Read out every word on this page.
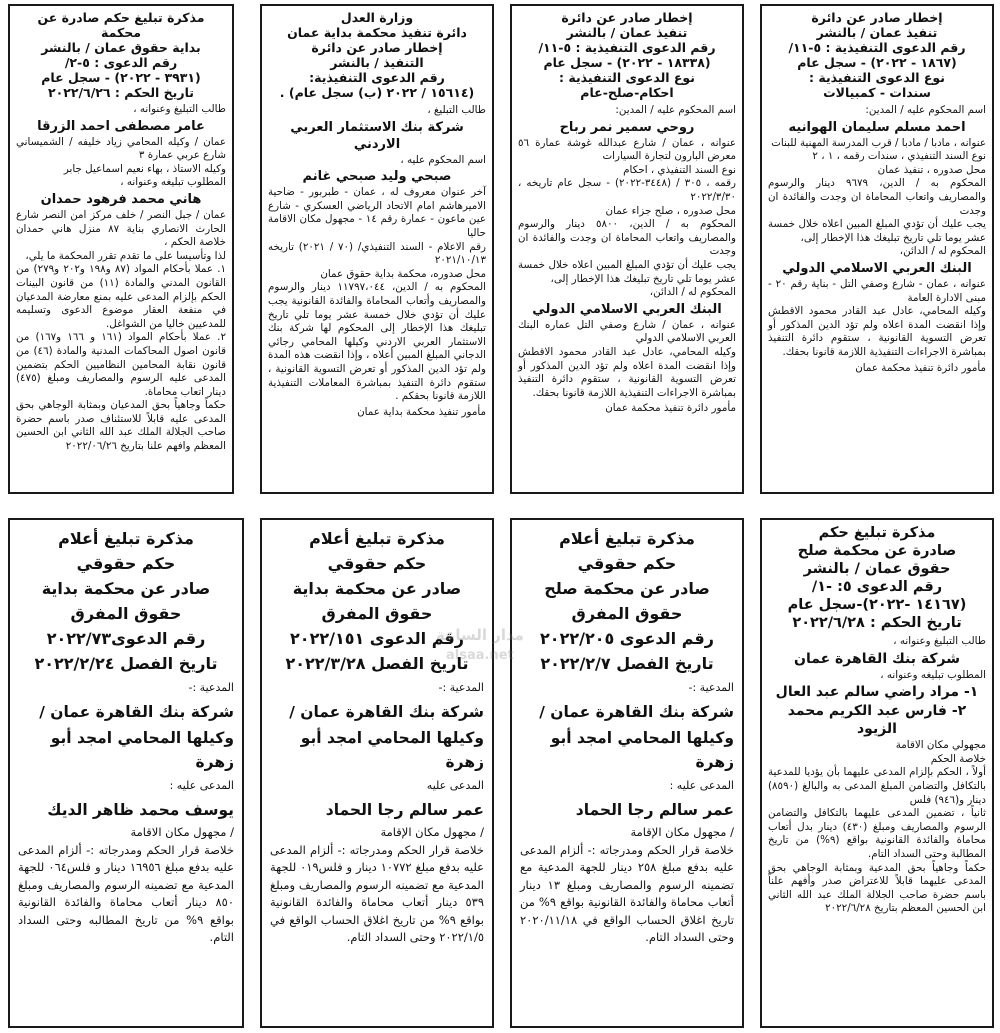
إخطار صادر عن دائرة

تنفيذ عمان / بالنشر

رقم الدعوى التنفيذية : ٥-١١/

(١٨٦٧ - ٢٠٢٢) - سجل عام

نوع الدعوى التنفيذية :

سندات - كمبيالات

اسم المحكوم عليه / المدين:

احمد مسلم سليمان الهوانيه

عنوانه ، مادبا / مادبا / قرب المدرسة المهنية للبنات

نوع السند التنفيذي ، سندات رقمه ، ١ ، ٢

محل صدوره ، تنفيذ عمان

المحكوم به / الدين، ٩٦٧٩ دينار والرسوم والمصاريف واتعاب المحاماة ان وجدت والفائدة ان وجدت

يجب عليك أن تؤدي المبلغ المبين اعلاه خلال خمسة عشر يوما تلي تاريخ تبليغك هذا الإخطار إلى،

المحكوم له / الدائن،

البنك العربي الاسلامي الدولي

عنوانه ، عمان - شارع وصفي التل - بناية رقم ٢٠ - مبنى الادارة العامة

وكيله المحامي، عادل عبد القادر محمود الاقطش وإذا انقضت المدة اعلاه ولم تؤد الدين المذكور أو تعرض التسوية القانونية ، ستقوم دائرة التنفيذ بمباشرة الاجراءات التنفيذية اللازمة قانونا بحقك.

مأمور دائرة تنفيذ محكمة عمان

إخطار صادر عن دائرة

تنفيذ عمان / بالنشر

رقم الدعوى التنفيذية : ٥-١١/

(١٨٣٣٨ - ٢٠٢٢) - سجل عام

نوع الدعوى التنفيذية :

احكام-صلح-عام

اسم المحكوم عليه / المدين:

روحي سمير نمر رباح

عنوانه ، عمان / شارع عبدالله غوشة عمارة ٥٦ معرض البارون لتجارة السيارات

نوع السند التنفيذي ، احكام

رقمه ، ٣٠٥ / (٣٤٤٨-٢٠٢٢) - سجل عام تاريخه ، ٢٠٢٢/٣/٣٠

محل صدوره ، صلح جزاء عمان

المحكوم به / الدين، ٥٨٠٠ دينار والرسوم والمصاريف واتعاب المحاماة ان وجدت والفائدة ان وجدت

يجب عليك أن تؤدي المبلغ المبين اعلاه خلال خمسة عشر يوما تلي تاريخ تبليغك هذا الإخطار إلى،

المحكوم له / الدائن،

البنك العربي الاسلامي الدولي

عنوانه ، عمان / شارع وصفي التل عماره البنك العربي الاسلامي الدولي

وكيله المحامي، عادل عبد القادر محمود الاقطش وإذا انقضت المدة اعلاه ولم تؤد الدين المذكور أو تعرض التسوية القانونية ، ستقوم دائرة التنفيذ بمباشرة الاجراءات التنفيذية اللازمة قانونا بحقك.

مأمور دائرة تنفيذ محكمة عمان

وزارة العدل

دائرة تنفيذ محكمة بداية عمان

إخطار صادر عن دائرة

التنفيذ / بالنشر

رقم الدعوى التنفيذية:

(١٥٦١٤ / ٢٠٢٢ (ب) سجل عام) .

طالب التبليغ ،

شركة بنك الاستثمار العربي الاردني

اسم المحكوم عليه ،

صبحي وليد صبحي غانم

آخر عنوان معروف له ، عمان - طبربور - ضاحية الاميرهاشم امام الاتحاد الرياضي العسكري - شارع عين ماعون - عمارة رقم ١٤ - مجهول مكان الاقامة حاليا

رقم الاعلام - السند التنفيذي/ (٧٠ / ٢٠٢١) تاريخه ٢٠٢١/١٠/١٣

محل صدوره، محكمة بداية حقوق عمان

المحكوم به / الدين، ١١٧٩٧،٠٤٤ دينار والرسوم والمصاريف وأتعاب المحاماة والفائدة القانونية يجب عليك أن تؤدي خلال خمسة عشر يوما تلي تاريخ تبليغك هذا الإخطار إلى المحكوم لها شركة بنك الاستثمار العربي الاردني وكيلها المحامي رجائي الدجاني المبلغ المبين أعلاه ، وإذا انقضت هذه المدة ولم تؤد الدين المذكور أو تعرض التسوية القانونية ، ستقوم دائرة التنفيذ بمباشرة المعاملات التنفيذية اللازمة قانونا بحقكم .

مأمور تنفيذ محكمة بداية عمان

مذكرة تبليغ حكم صادرة عن محكمة

بداية حقوق عمان / بالنشر

رقم الدعوى : ٥-٢/

(٣٩٣١ - ٢٠٢٢) - سجل عام

تاريخ الحكم : ٢٠٢٢/٦/٢٦

طالب التبليغ وعنوانه ،

عامر مصطفى احمد الزرقا

عمان / وكيله المحامي زياد خليفه / الشميساني شارع عربي عمارة ٣

وكيله الاستاذ ، بهاء نعيم اسماعيل جابر

المطلوب تبليغه وعنوانه ،

هاني محمد فرهود حمدان

عمان / جبل النصر / خلف مركز امن النصر شارع الحارث الانصاري بناية ٨٧ منزل هاني حمدان خلاصة الحكم ،

لذا وتأسيسا على ما تقدم تقرر المحكمة ما يلي،

١. عملا بأحكام المواد (٨٧ و١٩٨ و٢٠٢ و٢٧٩) من القانون المدني والمادة (١١) من قانون البينات الحكم بإلزام المدعى عليه بمنع معارضة المدعيان في منفعة العقار موضوع الدعوى وتسليمه للمدعيين خاليا من الشواغل.

٢. عملا بأحكام المواد (١٦١ و ١٦٦ و١٦٧) من قانون اصول المحاكمات المدنية والمادة (٤٦) من قانون نقابة المحامين النظاميين الحكم بتضمين المدعى عليه الرسوم والمصاريف ومبلغ (٤٧٥) دينار اتعاب محاماة.

حكماً وجاهياً بحق المدعيان وبمثابة الوجاهي بحق المدعى عليه قابلاً للاستئناف صدر باسم حضرة صاحب الجلالة الملك عبد الله الثاني ابن الحسين المعظم وافهم علنا بتاريخ ٢٠٢٢/٠٦/٢٦

مذكرة تبليغ حكم

صادرة عن محكمة صلح

حقوق عمان / بالنشر

رقم الدعوى ٥: -١/

(١٤١٦٧ -٢٠٢٢)-سجل عام

تاريخ الحكم : ٢٠٢٢/٦/٢٨

طالب التبليغ وعنوانه ،

شركة بنك القاهرة عمان

المطلوب تبليغه وعنوانه ،

١- مراد راضي سالم عبد العال

٢- فارس عبد الكريم محمد الزيود

مجهولي مكان الاقامة

خلاصة الحكم

أولاً ، الحكم بإلزام المدعى عليهما بأن يؤديا للمدعية بالتكافل والتضامن المبلغ المدعى به والبالغ (٨٥٩٠) دينار و(٩٤٦) فلس

ثانياً ، تضمين المدعى عليهما بالتكافل والتضامن الرسوم والمصاريف ومبلغ (٤٣٠) دينار بدل أتعاب محاماة والفائدة القانونية بواقع (٩%) من تاريخ المطالبة وحتى السداد التام.

حكماً وجاهياً بحق المدعية وبمثابة الوجاهي بحق المدعى عليهما قابلاً للاعتراض صدر وأفهم علناً باسم حضرة صاحب الجلالة الملك عبد الله الثاني ابن الحسين المعظم بتاريخ ٢٠٢٢/٦/٢٨

مذكرة تبليغ أعلام

حكم حقوقي

صادر عن محكمة صلح

حقوق المفرق

رقم الدعوى ٢٠٢٢/٢٠٥

تاريخ الفصل ٢٠٢٢/٢/٧

المدعية :-

شركة بنك القاهرة عمان /

وكيلها المحامي امجد أبو زهرة

المدعى عليه :

عمر سالم رجا الحماد

/ مجهول مكان الإقامة

خلاصة قرار الحكم ومدرجاته :- ألزام المدعى عليه بدفع مبلغ ٢٥٨ دينار للجهة المدعية مع تضمينه الرسوم والمصاريف ومبلغ ١٣ دينار أتعاب محاماة والفائدة القانونية بواقع ٩% من تاريخ اغلاق الحساب الواقع في ٢٠٢٠/١١/١٨ وحتى السداد التام.

مذكرة تبليغ أعلام

حكم حقوقي

صادر عن محكمة بداية

حقوق المفرق

رقم الدعوى ٢٠٢٢/١٥١

تاريخ الفصل ٢٠٢٢/٣/٢٨

المدعية :-

شركة بنك القاهرة عمان /

وكيلها المحامي امجد أبو زهرة

المدعى عليه

عمر سالم رجا الحماد

/ مجهول مكان الإقامة

خلاصة قرار الحكم ومدرجاته :- ألزام المدعى عليه بدفع مبلغ ١٠٧٧٢ دينار و فلس٠١٩ للجهة المدعية مع تضمينه الرسوم والمصاريف ومبلغ ٥٣٩ دينار أتعاب محاماة والفائدة القانونية بواقع ٩% من تاريخ اغلاق الحساب الواقع في ٢٠٢٢/١/٥ وحتى السداد التام.

مذكرة تبليغ أعلام

حكم حقوقي

صادر عن محكمة بداية

حقوق المفرق

رقم الدعوى٢٠٢٢/٧٣

تاريخ الفصل ٢٠٢٢/٢/٢٤

المدعية :-

شركة بنك القاهرة عمان /

وكيلها المحامي امجد أبو زهرة

المدعى عليه :

يوسف محمد ظاهر الديك

/ مجهول مكان الاقامة

خلاصة قرار الحكم ومدرجاته :- ألزام المدعى عليه بدفع مبلغ ١٦٩٥٦ دينار و فلس٠٦٤ للجهة المدعية مع تضمينه الرسوم والمصاريف ومبلغ ٨٥٠ دينار أتعاب محاماة والفائدة القانونية بواقع ٩% من تاريخ المطالبه وحتى السداد التام.

مدار الساعة
alsaa.net
